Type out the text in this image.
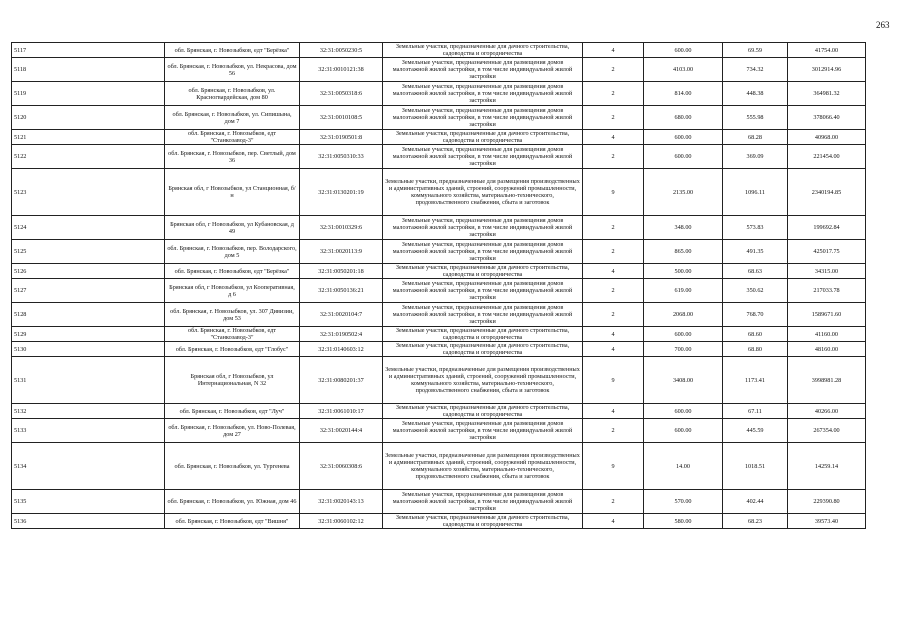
263
5117	обл. Брянская, г. Новозыбков, едт "Берёзка"	32:31:0050230:5	Земельные участки, предназначенные для дачного строительства, садоводства и огородничества	4	600.00	69.59	41754.00
5118	обл. Брянская, г. Новозыбков, ул. Некрасова, дом 56	32:31:0010121:38	Земельные участки, предназначенные для размещения домов малоэтажной жилой застройки, в том числе индивидуальной жилой застройки	2	4103.00	734.32	3012914.96
5119	обл. Брянская, г. Новозыбков, ул. Красногвардейская, дом 80	32:31:0050318:6	Земельные участки, предназначенные для размещения домов малоэтажной жилой застройки, в том числе индивидуальной жилой застройки	2	814.00	448.38	364981.32
5120	обл. Брянская, г. Новозыбков, ул. Сипишына, дом 7	32:31:0010108:5	Земельные участки, предназначенные для размещения домов малоэтажной жилой застройки, в том числе индивидуальной жилой застройки	2	680.00	555.98	378066.40
5121	обл. Брянская, г. Новозыбков, едт "Станкозавод-3"	32:31:0190501:8	Земельные участки, предназначенные для дачного строительства, садоводства и огородничества	4	600.00	68.28	40968.00
5122	обл. Брянская, г. Новозыбков, пер. Светлый, дом 36	32:31:0050310:33	Земельные участки, предназначенные для размещения домов малоэтажной жилой застройки, в том числе индивидуальной жилой застройки	2	600.00	369.09	221454.00
5123	Брянская обл, г Новозыбков, ул Станционная, б/н	32:31:0130201:19	Земельные участки, предназначенные для размещения производственных и административных зданий, строений, сооружений промышленности, коммунального хозяйства, материально-технического, продовольственного снабжения, сбыта и заготовок	9	2135.00	1096.11	2340194.85
5124	Брянская обл, г Новозыбков, ул Кубановская, д 49	32:31:0010329:6	Земельные участки, предназначенные для размещения домов малоэтажной жилой застройки, в том числе индивидуальной жилой застройки	2	348.00	573.83	199692.84
5125	обл. Брянская, г. Новозыбков, пер. Володарского, дом 5	32:31:0020113:9	Земельные участки, предназначенные для размещения домов малоэтажной жилой застройки, в том числе индивидуальной жилой застройки	2	865.00	491.35	425017.75
5126	обл. Брянская, г. Новозыбков, едт "Берёзка"	32:31:0050201:18	Земельные участки, предназначенные для дачного строительства, садоводства и огородничества	4	500.00	68.63	34315.00
5127	Брянская обл, г Новозыбков, ул Кооперативная, д 6	32:31:0050136:21	Земельные участки, предназначенные для размещения домов малоэтажной жилой застройки, в том числе индивидуальной жилой застройки	2	619.00	350.62	217033.78
5128	обл. Брянская, г. Новозыбков, ул. 307 Дивизии, дом 53	32:31:0020104:7	Земельные участки, предназначенные для размещения домов малоэтажной жилой застройки, в том числе индивидуальной жилой застройки	2	2068.00	768.70	1589671.60
5129	обл. Брянская, г. Новозыбков, едт "Станкозавод-3"	32:31:0190502:4	Земельные участки, предназначенные для дачного строительства, садоводства и огородничества	4	600.00	68.60	41160.00
5130	обл. Брянская, г. Новозыбков, едт "Глобус"	32:31:0140603:12	Земельные участки, предназначенные для дачного строительства, садоводства и огородничества	4	700.00	68.80	48160.00
5131	Брянская обл, г Новозыбков, ул Интернациональная, N 32	32:31:0080201:37	Земельные участки, предназначенные для размещения производственных и административных зданий, строений, сооружений промышленности, коммунального хозяйства, материально-технического, продовольственного снабжения, сбыта и заготовок	9	3408.00	1173.41	3998981.28
5132	обл. Брянская, г. Новозыбков, едт "Луч"	32:31:0061010:17	Земельные участки, предназначенные для дачного строительства, садоводства и огородничества	4	600.00	67.11	40266.00
5133	обл. Брянская, г. Новозыбков, ул. Ново-Полевая, дом 27	32:31:0020144:4	Земельные участки, предназначенные для размещения домов малоэтажной жилой застройки, в том числе индивидуальной жилой застройки	2	600.00	445.59	267354.00
5134	обл. Брянская, г. Новозыбков, ул. Тургенева	32:31:0060308:6	Земельные участки, предназначенные для размещения производственных и административных зданий, строений, сооружений промышленности, коммунального хозяйства, материально-технического, продовольственного снабжения, сбыта и заготовок	9	14.00	1018.51	14259.14
5135	обл. Брянская, г. Новозыбков, ул. Южная, дом 46	32:31:0020143:13	Земельные участки, предназначенные для размещения домов малоэтажной жилой застройки, в том числе индивидуальной жилой застройки	2	570.00	402.44	229390.80
5136	обл. Брянская, г. Новозыбков, едт "Вишня"	32:31:0060102:12	Земельные участки, предназначенные для дачного строительства, садоводства и огородничества	4	580.00	68.23	39573.40
